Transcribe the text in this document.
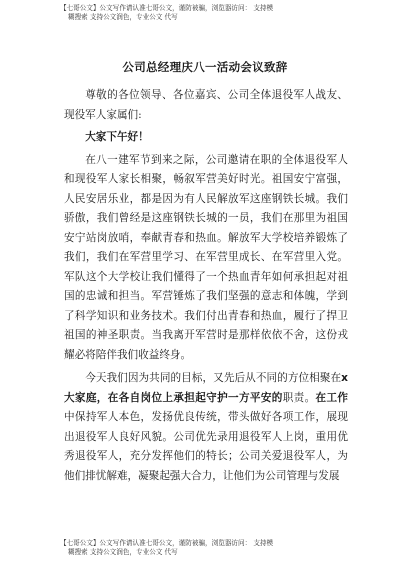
【七哥公文】公文写作请认准七哥公文，谨防被骗，浏览器访问： 支持模
糊搜索 支持公文润色，专业公文 代写
公司总经理庆八一活动会议致辞

尊敬的各位领导、各位嘉宾、公司全体退役军人战友、现役军人家属们:

大家下午好！

在八一建军节到来之际，公司邀请在职的全体退役军人和现役军人家长相聚，畅叙军营美好时光。祖国安宁富强，人民安居乐业，都是因为有人民解放军这座钢铁长城。我们骄傲，我们曾经是这座钢铁长城的一员，我们在那里为祖国安宁站岗放哨，奉献青春和热血。解放军大学校培养锻炼了我们，我们在军营里学习、在军营里成长、在军营里入党。军队这个大学校让我们懂得了一个热血青年如何承担起对祖国的忠诚和担当。军营锤炼了我们坚强的意志和体魄，学到了科学知识和业务技术。我们付出青春和热血，履行了捍卫祖国的神圣职责。当我离开军营时是那样依依不舍，这份戎耀必将陪伴我们收益终身。

今天我们因为共同的目标，又先后从不同的方位相聚在x 大家庭，在各自岗位上承担起守护一方平安的职责。在工作中保持军人本色，发扬优良传统，带头做好各项工作，展现 出退役军人良好风貌。公司优先录用退役军人上岗，重用优 秀退役军人，充分发挥他们的特长；公司关爱退役军人，为 他们排忧解难，凝聚起强大合力，让他们为公司管理与发展

【七哥公文】公文写作请认准七哥公文，谨防被骗，浏览器访问： 支持模
糊搜索 支持公文润色，专业公文 代写
